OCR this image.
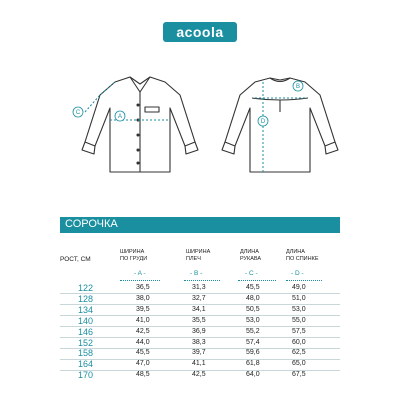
acoola
A
B
C
D
СОРОЧКА
РОСТ, СМ
ШИРИНА
ПО ГРУДИ
ШИРИНА
ПЛЕЧ
ДЛИНА
РУКАВА
ДЛИНА
ПО СПИНКЕ
- A -	- B -	- C -	- D -
122	36,5	31,3	45,5	49,0
128	38,0	32,7	48,0	51,0
134	39,5	34,1	50,5	53,0
140	41,0	35,5	53,0	55,0
146	42,5	36,9	55,2	57,5
152	44,0	38,3	57,4	60,0
158	45,5	39,7	59,6	62,5
164	47,0	41,1	61,8	65,0
170	48,5	42,5	64,0	67,5
